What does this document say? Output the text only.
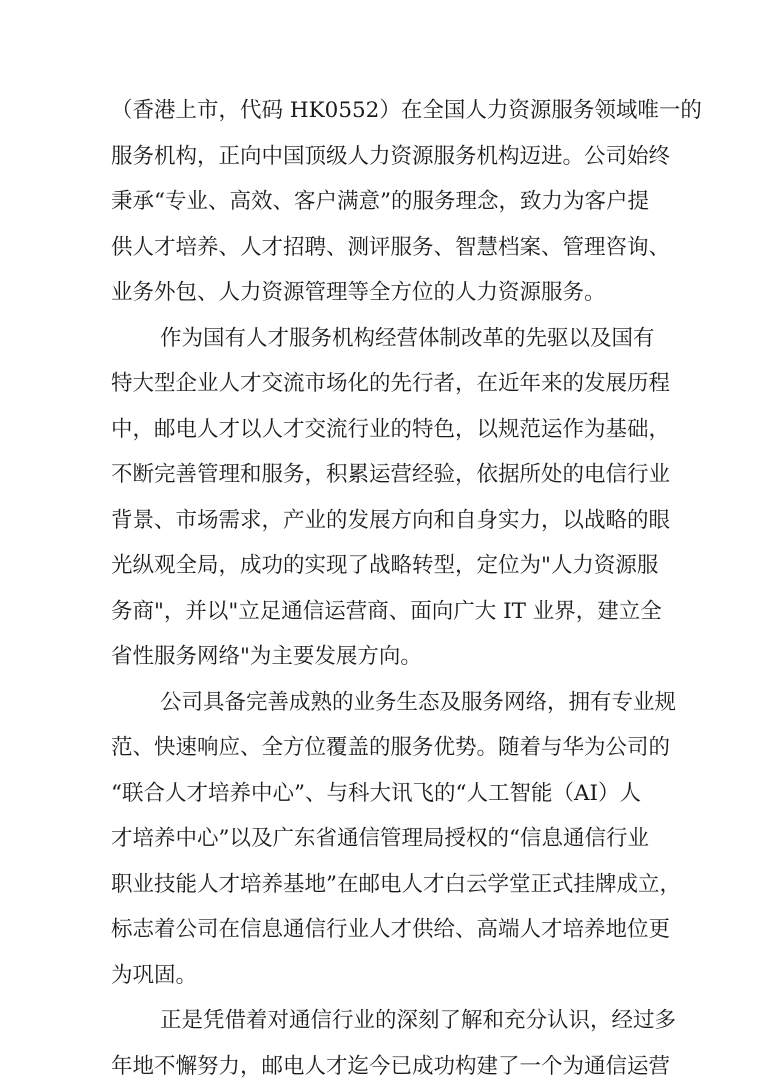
（香港上市，代码 HK0552）在全国人力资源服务领域唯一的
服务机构，正向中国顶级人力资源服务机构迈进。公司始终
秉承“专业、高效、客户满意”的服务理念，致力为客户提
供人才培养、人才招聘、测评服务、智慧档案、管理咨询、
业务外包、人力资源管理等全方位的人力资源服务。
作为国有人才服务机构经营体制改革的先驱以及国有
特大型企业人才交流市场化的先行者，在近年来的发展历程
中，邮电人才以人才交流行业的特色，以规范运作为基础，
不断完善管理和服务，积累运营经验，依据所处的电信行业
背景、市场需求，产业的发展方向和自身实力，以战略的眼
光纵观全局，成功的实现了战略转型，定位为"人力资源服
务商"，并以"立足通信运营商、面向广大 IT 业界，建立全
省性服务网络"为主要发展方向。
公司具备完善成熟的业务生态及服务网络，拥有专业规
范、快速响应、全方位覆盖的服务优势。随着与华为公司的
“联合人才培养中心”、与科大讯飞的“人工智能（AI）人
才培养中心”以及广东省通信管理局授权的“信息通信行业
职业技能人才培养基地”在邮电人才白云学堂正式挂牌成立，
标志着公司在信息通信行业人才供给、高端人才培养地位更
为巩固。
正是凭借着对通信行业的深刻了解和充分认识，经过多
年地不懈努力，邮电人才迄今已成功构建了一个为通信运营
